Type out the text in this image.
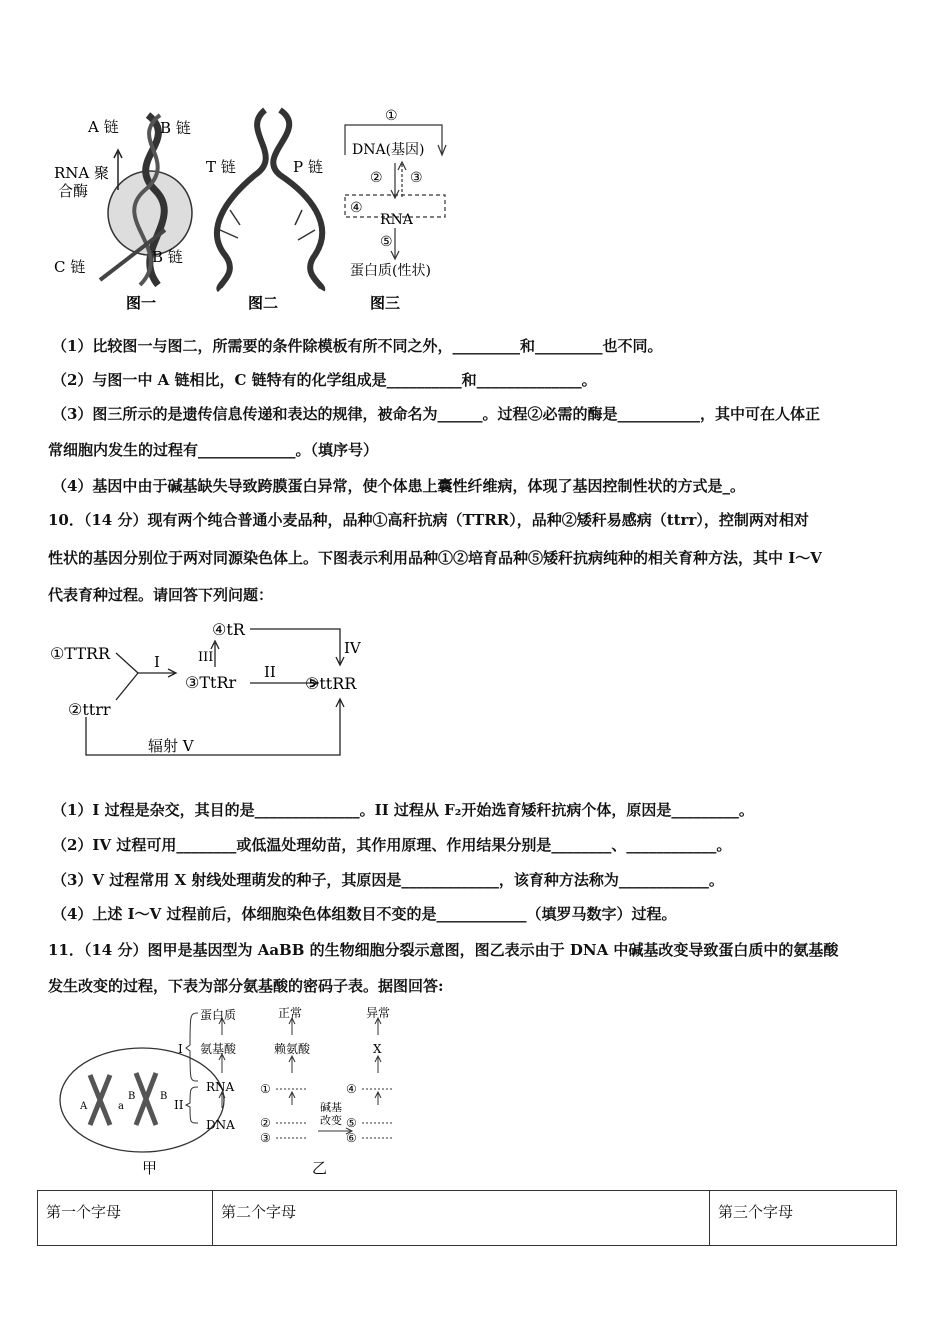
A 链	B 链
RNA 聚
合酶
C 链
B 链
图一
T 链	P 链
图二
①
DNA(基因)
② ③
④
RNA
⑤
蛋白质(性状)
图三
（1）比较图一与图二，所需要的条件除模板有所不同之外，_________和_________也不同。
（2）与图一中 A 链相比，C 链特有的化学组成是__________和______________。
（3）图三所示的是遗传信息传递和表达的规律，被命名为______。过程②必需的酶是___________，其中可在人体正
常细胞内发生的过程有_____________。（填序号）
（4）基因中由于碱基缺失导致跨膜蛋白异常，使个体患上囊性纤维病，体现了基因控制性状的方式是_。
10．（14 分）现有两个纯合普通小麦品种，品种①高秆抗病（TTRR），品种②矮秆易感病（ttrr），控制两对相对
性状的基因分别位于两对同源染色体上。下图表示利用品种①②培育品种⑤矮秆抗病纯种的相关育种方法，其中 I～V
代表育种过程。请回答下列问题：
①TTRR
②ttrr
③TtRr
④tR
⑤ttRR
I
II
III
IV
辐射 V
（1）I 过程是杂交，其目的是______________。II 过程从 F₂开始选育矮秆抗病个体，原因是_________。
（2）IV 过程可用________或低温处理幼苗，其作用原理、作用结果分别是________、____________。
（3）V 过程常用 X 射线处理萌发的种子，其原因是_____________，该育种方法称为____________。
（4）上述 I～V 过程前后，体细胞染色体组数目不变的是____________（填罗马数字）过程。
11．（14 分）图甲是基因型为 AaBB 的生物细胞分裂示意图，图乙表示由于 DNA 中碱基改变导致蛋白质中的氨基酸
发生改变的过程，下表为部分氨基酸的密码子表。据图回答:
A	a
B B
甲
蛋白质
氨基酸
RNA
DNA
I
II
正常	异常
赖氨酸	X
①
②
③
④
⑤
⑥
碱基
改变
乙
第一个字母	第二个字母	第三个字母
